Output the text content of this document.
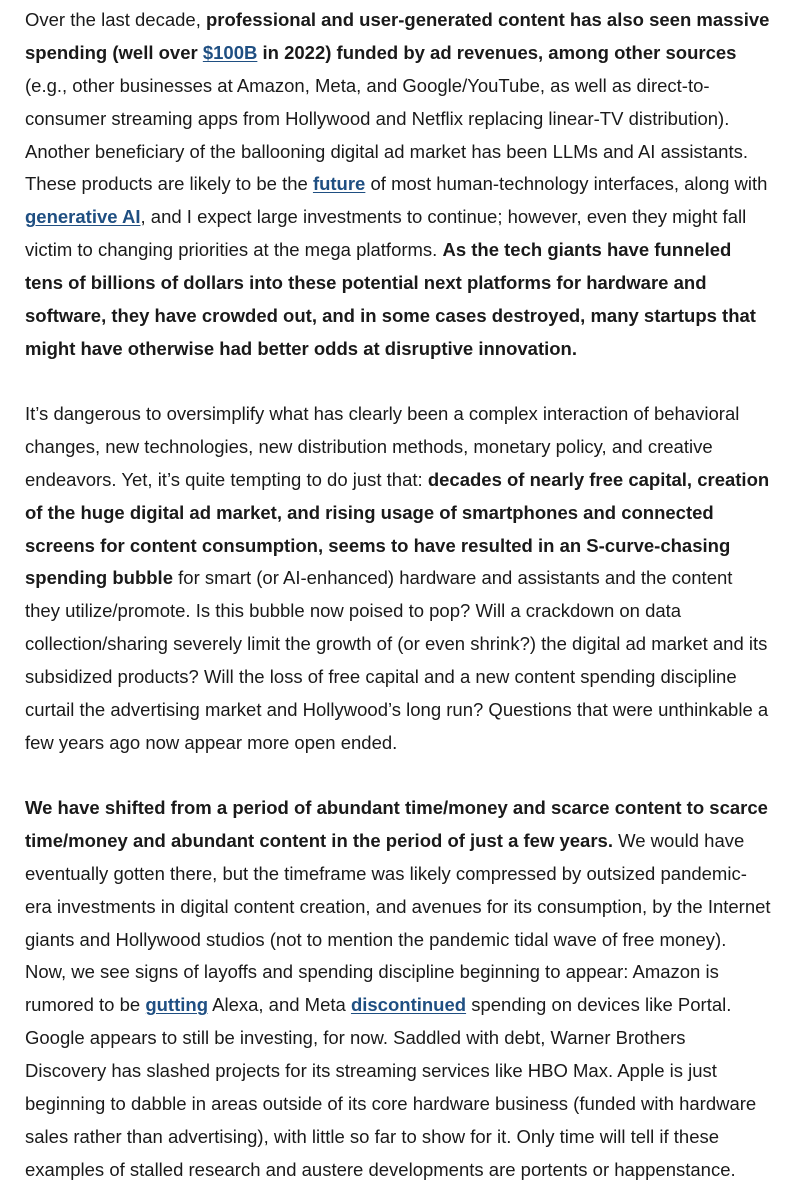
Over the last decade, professional and user-generated content has also seen massive
spending (well over $100B in 2022) funded by ad revenues, among other sources
(e.g., other businesses at Amazon, Meta, and Google/YouTube, as well as direct-to-
consumer streaming apps from Hollywood and Netflix replacing linear-TV distribution).
Another beneficiary of the ballooning digital ad market has been LLMs and AI assistants.
These products are likely to be the future of most human-technology interfaces, along with
generative AI, and I expect large investments to continue; however, even they might fall
victim to changing priorities at the mega platforms. As the tech giants have funneled
tens of billions of dollars into these potential next platforms for hardware and
software, they have crowded out, and in some cases destroyed, many startups that
might have otherwise had better odds at disruptive innovation.

It’s dangerous to oversimplify what has clearly been a complex interaction of behavioral
changes, new technologies, new distribution methods, monetary policy, and creative
endeavors. Yet, it’s quite tempting to do just that: decades of nearly free capital, creation
of the huge digital ad market, and rising usage of smartphones and connected
screens for content consumption, seems to have resulted in an S-curve-chasing
spending bubble for smart (or AI-enhanced) hardware and assistants and the content
they utilize/promote. Is this bubble now poised to pop? Will a crackdown on data
collection/sharing severely limit the growth of (or even shrink?) the digital ad market and its
subsidized products? Will the loss of free capital and a new content spending discipline
curtail the advertising market and Hollywood’s long run? Questions that were unthinkable a
few years ago now appear more open ended.

We have shifted from a period of abundant time/money and scarce content to scarce
time/money and abundant content in the period of just a few years. We would have
eventually gotten there, but the timeframe was likely compressed by outsized pandemic-
era investments in digital content creation, and avenues for its consumption, by the Internet
giants and Hollywood studios (not to mention the pandemic tidal wave of free money).
Now, we see signs of layoffs and spending discipline beginning to appear: Amazon is
rumored to be gutting Alexa, and Meta discontinued spending on devices like Portal.
Google appears to still be investing, for now. Saddled with debt, Warner Brothers
Discovery has slashed projects for its streaming services like HBO Max. Apple is just
beginning to dabble in areas outside of its core hardware business (funded with hardware
sales rather than advertising), with little so far to show for it. Only time will tell if these
examples of stalled research and austere developments are portents or happenstance.
